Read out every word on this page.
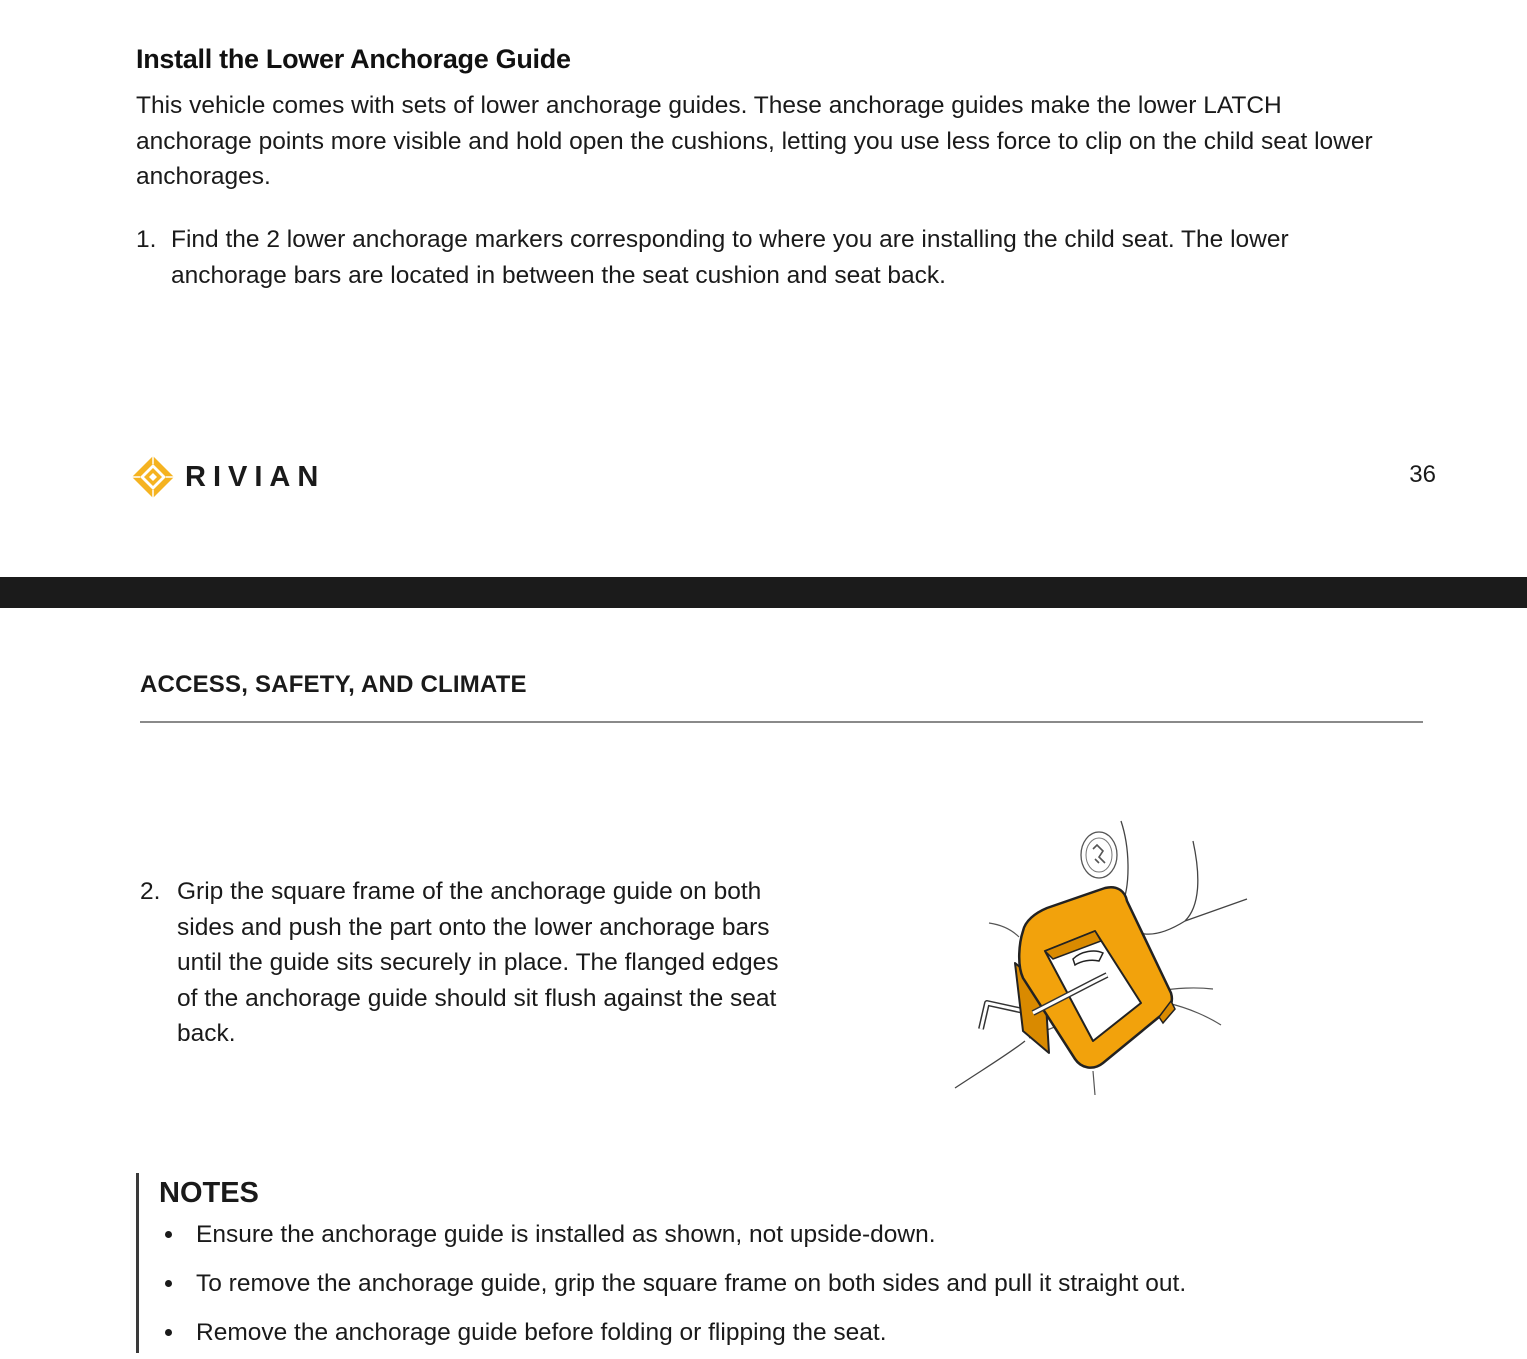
Install the Lower Anchorage Guide

This vehicle comes with sets of lower anchorage guides. These anchorage guides make the lower LATCH anchorage points more visible and hold open the cushions, letting you use less force to clip on the child seat lower anchorages.

1. Find the 2 lower anchorage markers corresponding to where you are installing the child seat. The lower anchorage bars are located in between the seat cushion and seat back.
RIVIAN	36
ACCESS, SAFETY, AND CLIMATE
2. Grip the square frame of the anchorage guide on both sides and push the part onto the lower anchorage bars until the guide sits securely in place. The flanged edges of the anchorage guide should sit flush against the seat back.
NOTES
Ensure the anchorage guide is installed as shown, not upside-down.
To remove the anchorage guide, grip the square frame on both sides and pull it straight out.
Remove the anchorage guide before folding or flipping the seat.
